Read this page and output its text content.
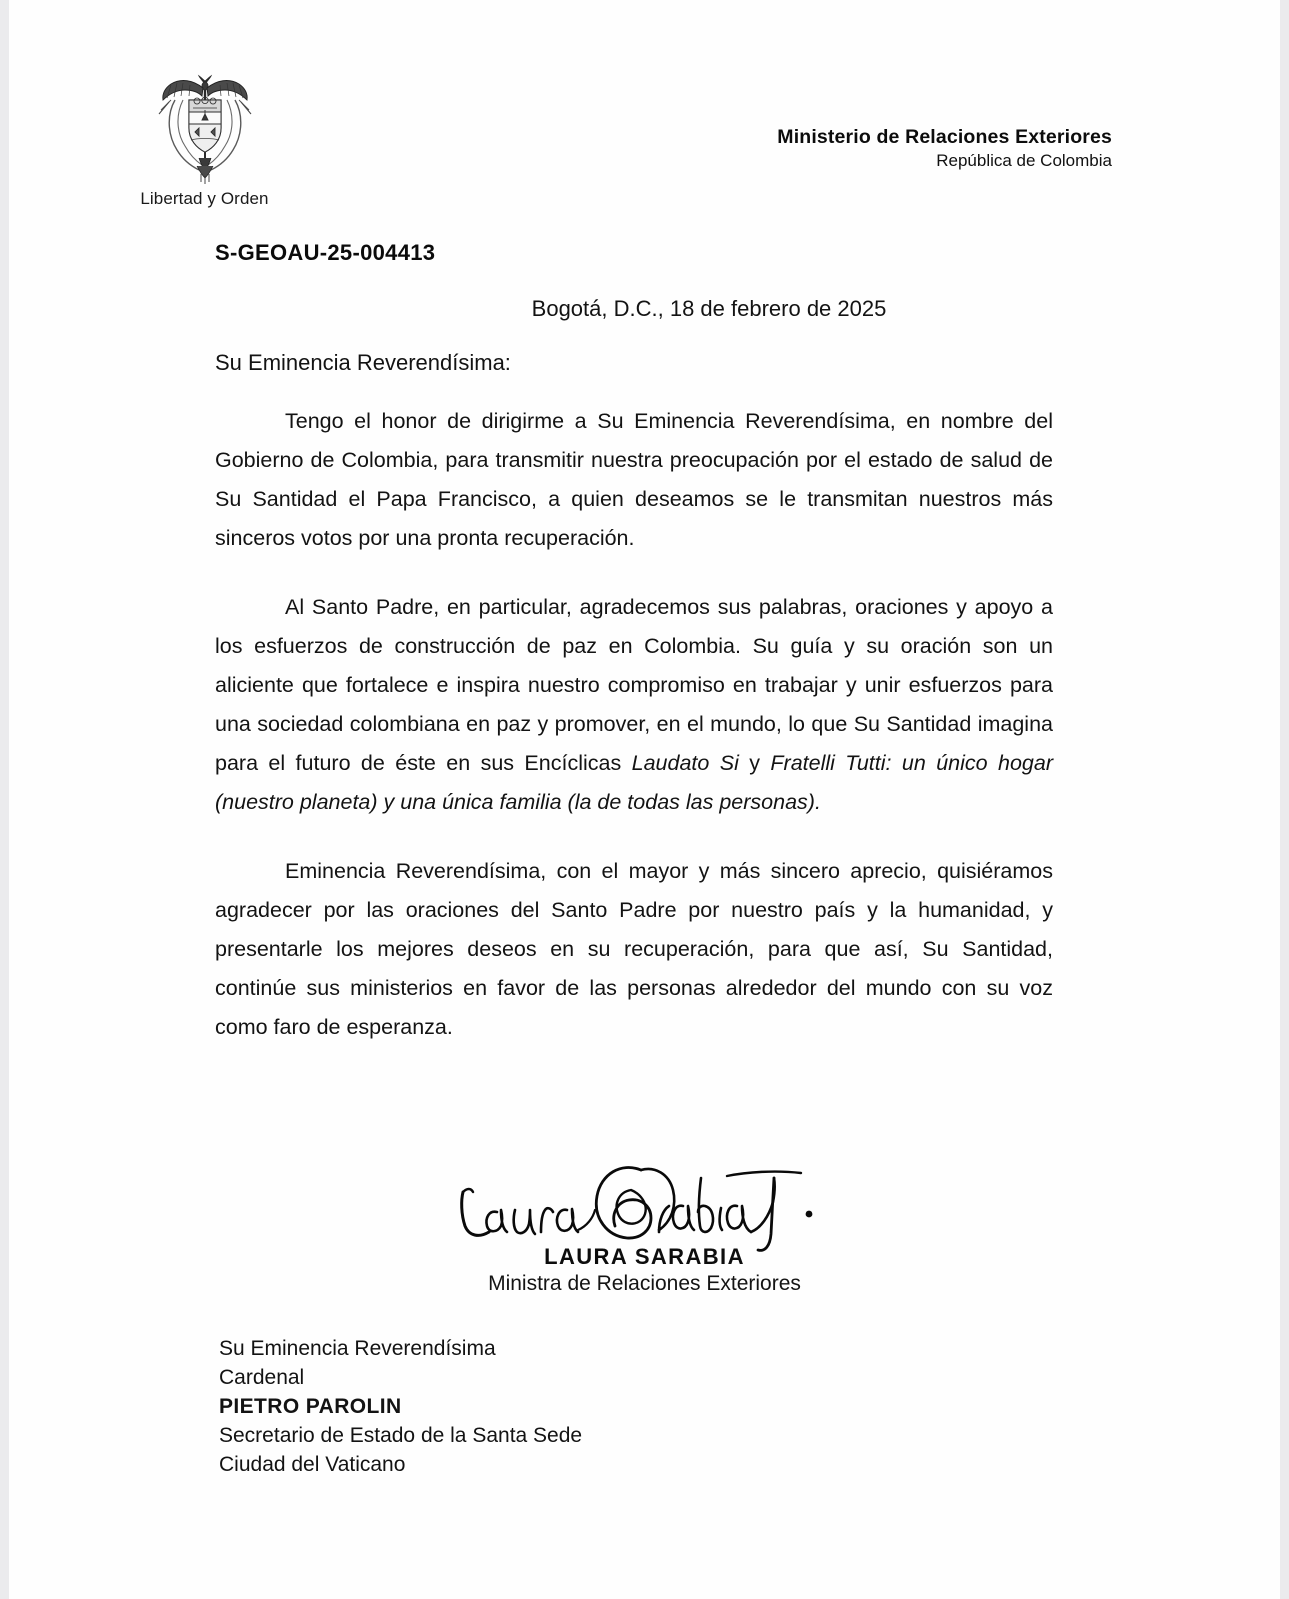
Libertad y Orden
Ministerio de Relaciones Exteriores
República de Colombia
S-GEOAU-25-004413
Bogotá, D.C., 18 de febrero de 2025
Su Eminencia Reverendísima:

Tengo el honor de dirigirme a Su Eminencia Reverendísima, en nombre del Gobierno de Colombia, para transmitir nuestra preocupación por el estado de salud de Su Santidad el Papa Francisco, a quien deseamos se le transmitan nuestros más sinceros votos por una pronta recuperación.

Al Santo Padre, en particular, agradecemos sus palabras, oraciones y apoyo a los esfuerzos de construcción de paz en Colombia. Su guía y su oración son un aliciente que fortalece e inspira nuestro compromiso en trabajar y unir esfuerzos para una sociedad colombiana en paz y promover, en el mundo, lo que Su Santidad imagina para el futuro de éste en sus Encíclicas Laudato Si y Fratelli Tutti: un único hogar (nuestro planeta) y una única familia (la de todas las personas).

Eminencia Reverendísima, con el mayor y más sincero aprecio, quisiéramos agradecer por las oraciones del Santo Padre por nuestro país y la humanidad, y presentarle los mejores deseos en su recuperación, para que así, Su Santidad, continúe sus ministerios en favor de las personas alrededor del mundo con su voz como faro de esperanza.

LAURA SARABIA
Ministra de Relaciones Exteriores
Su Eminencia Reverendísima
Cardenal
PIETRO PAROLIN
Secretario de Estado de la Santa Sede
Ciudad del Vaticano
